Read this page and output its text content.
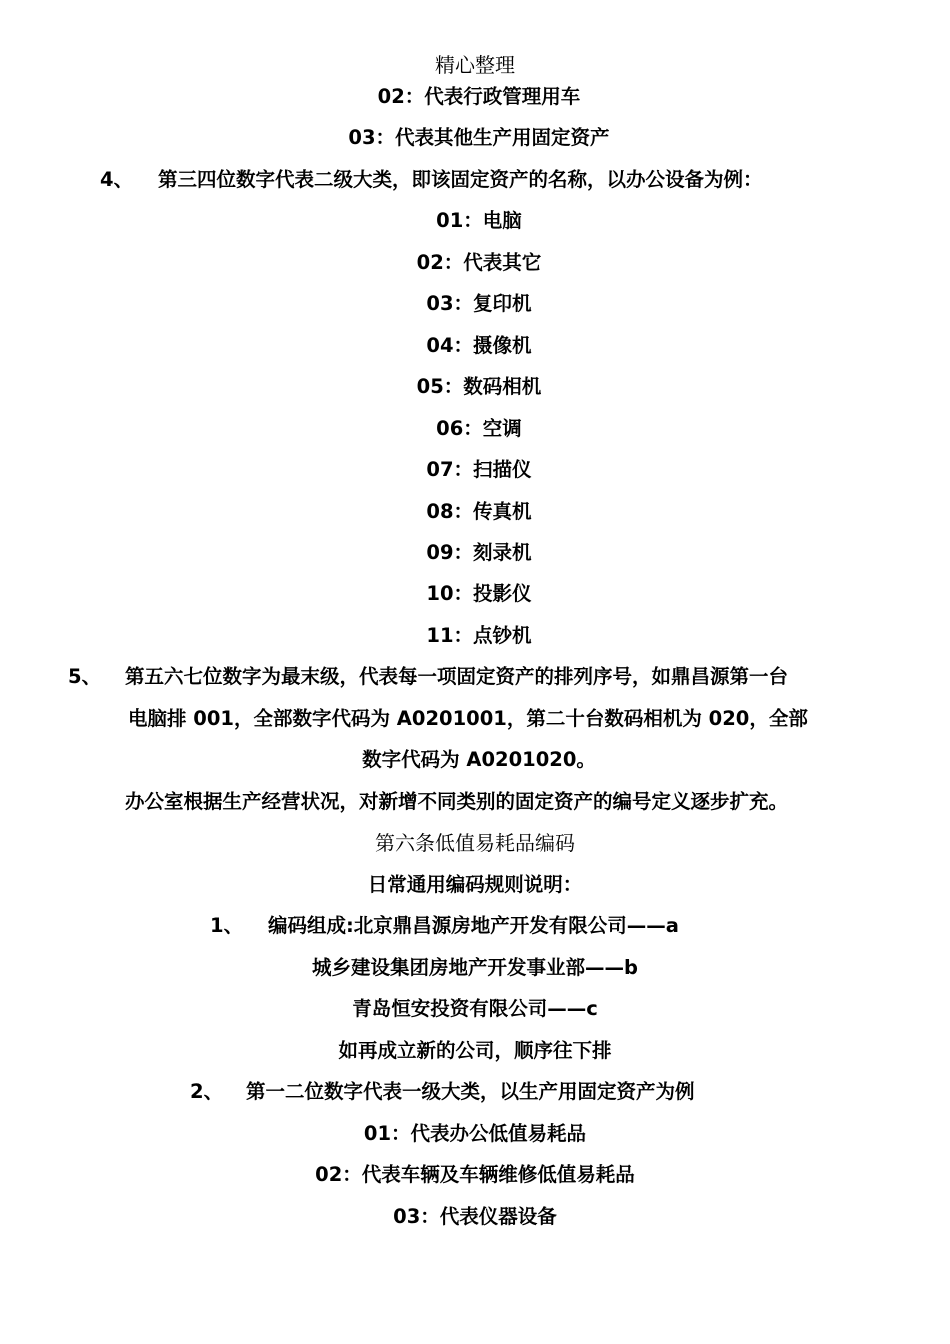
精心整理
02：代表行政管理用车
03：代表其他生产用固定资产
4、 第三四位数字代表二级大类，即该固定资产的名称，以办公设备为例：
01：电脑
02：代表其它
03：复印机
04：摄像机
05：数码相机
06：空调
07：扫描仪
08：传真机
09：刻录机
10：投影仪
11：点钞机
5、 第五六七位数字为最末级，代表每一项固定资产的排列序号，如鼎昌源第一台
电脑排 001，全部数字代码为 A0201001，第二十台数码相机为 020，全部
数字代码为 A0201020。
办公室根据生产经营状况，对新增不同类别的固定资产的编号定义逐步扩充。
第六条低值易耗品编码
日常通用编码规则说明：
1、 编码组成:北京鼎昌源房地产开发有限公司——a
城乡建设集团房地产开发事业部——b
青岛恒安投资有限公司——c
如再成立新的公司，顺序往下排
2、 第一二位数字代表一级大类，以生产用固定资产为例
01：代表办公低值易耗品
02：代表车辆及车辆维修低值易耗品
03：代表仪器设备
